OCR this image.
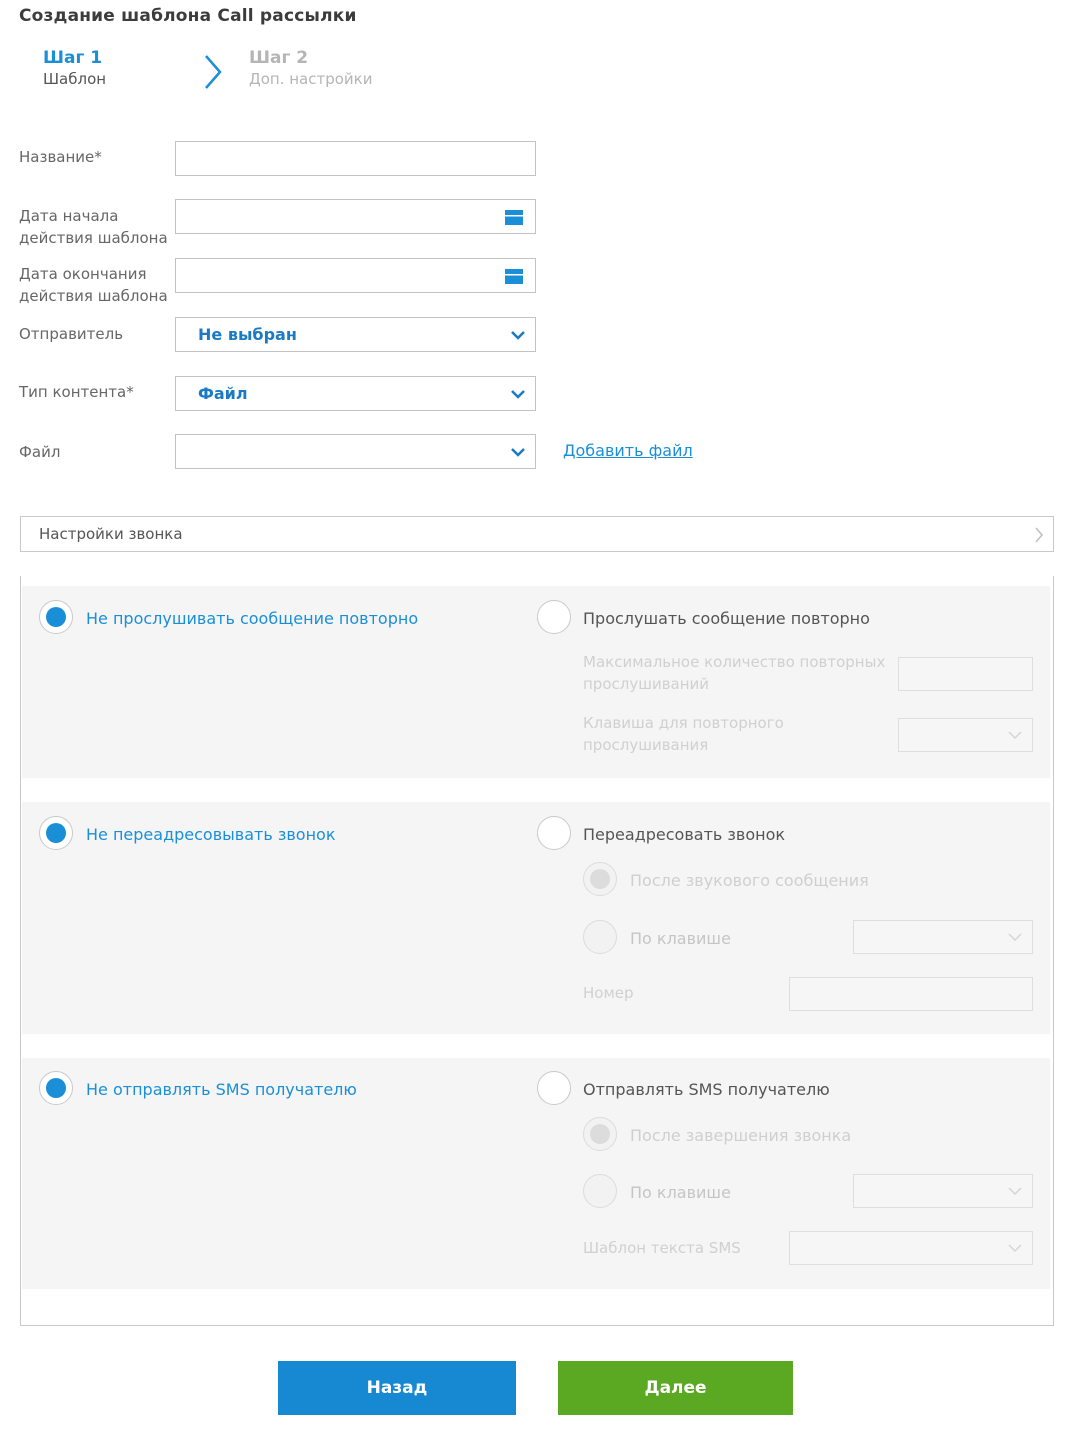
Создание шаблона Call рассылки
Шаг 1
Шаблон
Шаг 2
Доп. настройки
Название*
Дата начала
действия шаблона
Дата окончания
действия шаблона
Отправитель	Не выбран
Тип контента*	Файл
Файл	Добавить файл
Настройки звонка
Не прослушивать сообщение повторно	Прослушать сообщение повторно
Максимальное количество повторных
прослушиваний
Клавиша для повторного
прослушивания
Не переадресовывать звонок	Переадресовать звонок
После звукового сообщения
По клавише
Номер
Не отправлять SMS получателю	Отправлять SMS получателю
После завершения звонка
По клавише
Шаблон текста SMS
Назад	Далее
